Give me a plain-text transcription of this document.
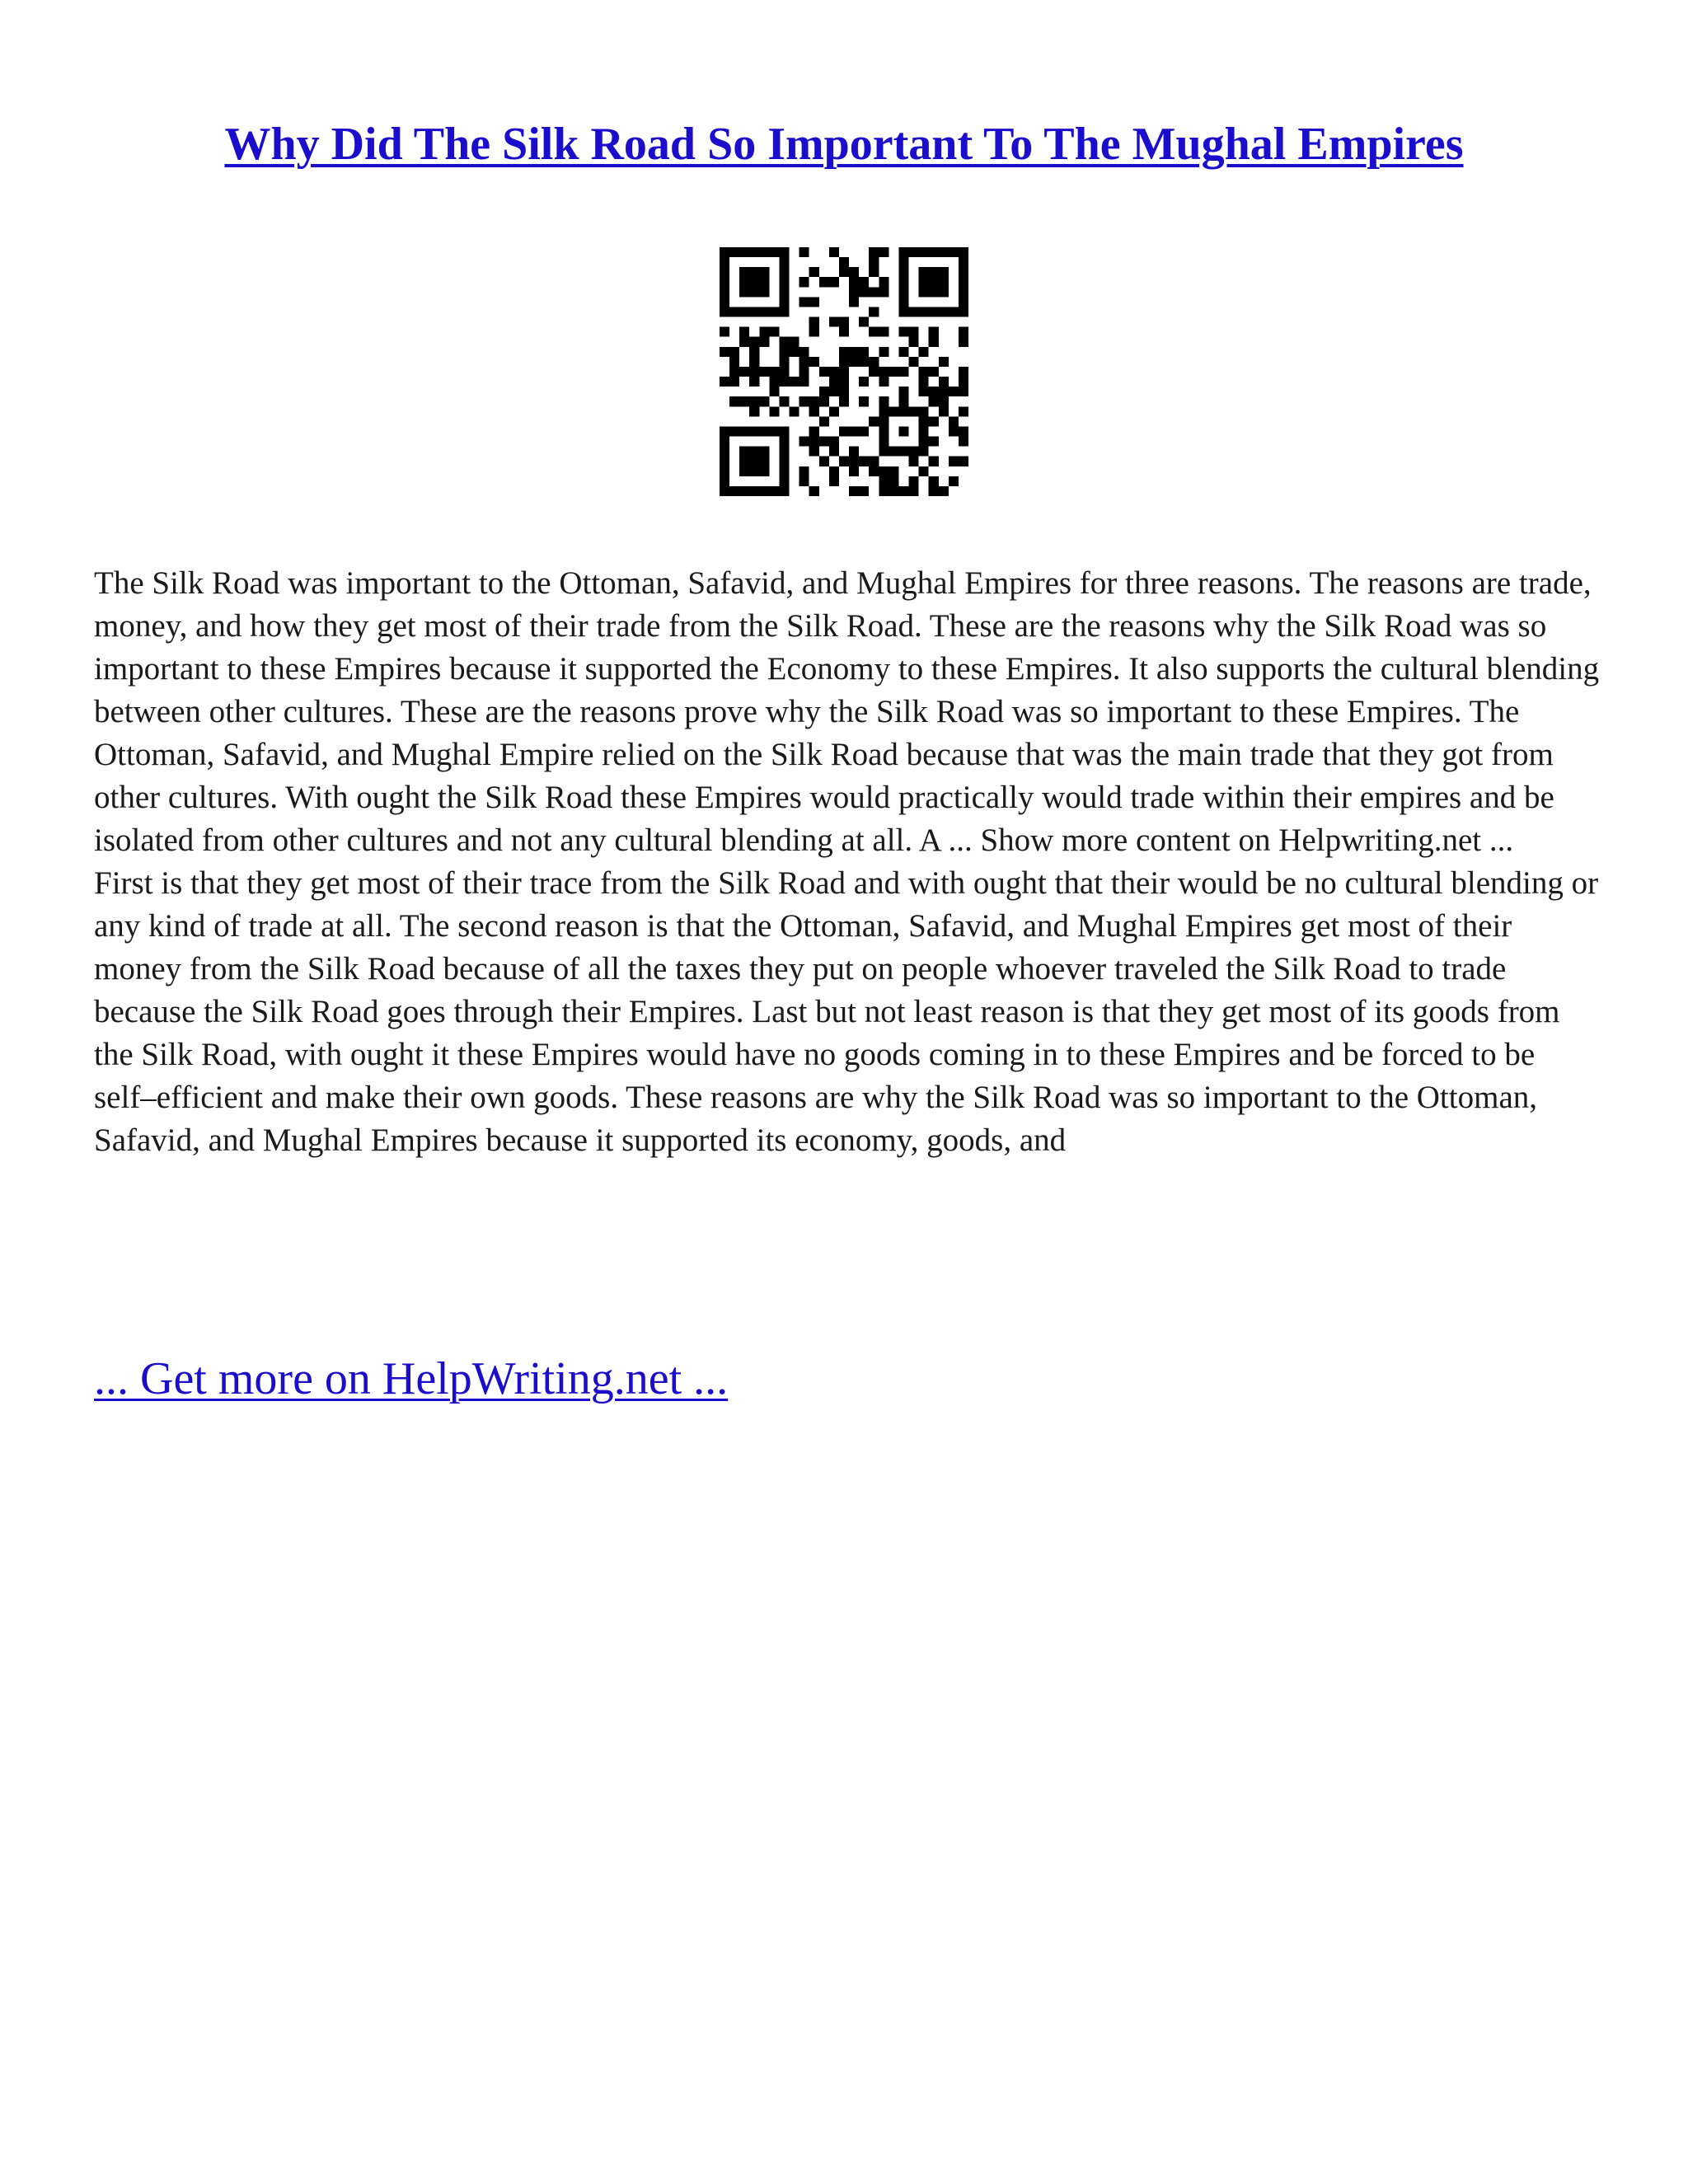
Why Did The Silk Road So Important To The Mughal Empires

The Silk Road was important to the Ottoman, Safavid, and Mughal Empires for three reasons. The reasons are trade, money, and how they get most of their trade from the Silk Road. These are the reasons why the Silk Road was so important to these Empires because it supported the Economy to these Empires. It also supports the cultural blending between other cultures. These are the reasons prove why the Silk Road was so important to these Empires. The Ottoman, Safavid, and Mughal Empire relied on the Silk Road because that was the main trade that they got from other cultures. With ought the Silk Road these Empires would practically would trade within their empires and be isolated from other cultures and not any cultural blending at all. A ... Show more content on Helpwriting.net ...

First is that they get most of their trace from the Silk Road and with ought that their would be no cultural blending or any kind of trade at all. The second reason is that the Ottoman, Safavid, and Mughal Empires get most of their money from the Silk Road because of all the taxes they put on people whoever traveled the Silk Road to trade because the Silk Road goes through their Empires. Last but not least reason is that they get most of its goods from the Silk Road, with ought it these Empires would have no goods coming in to these Empires and be forced to be self–efficient and make their own goods. These reasons are why the Silk Road was so important to the Ottoman, Safavid, and Mughal Empires because it supported its economy, goods, and

... Get more on HelpWriting.net ...
